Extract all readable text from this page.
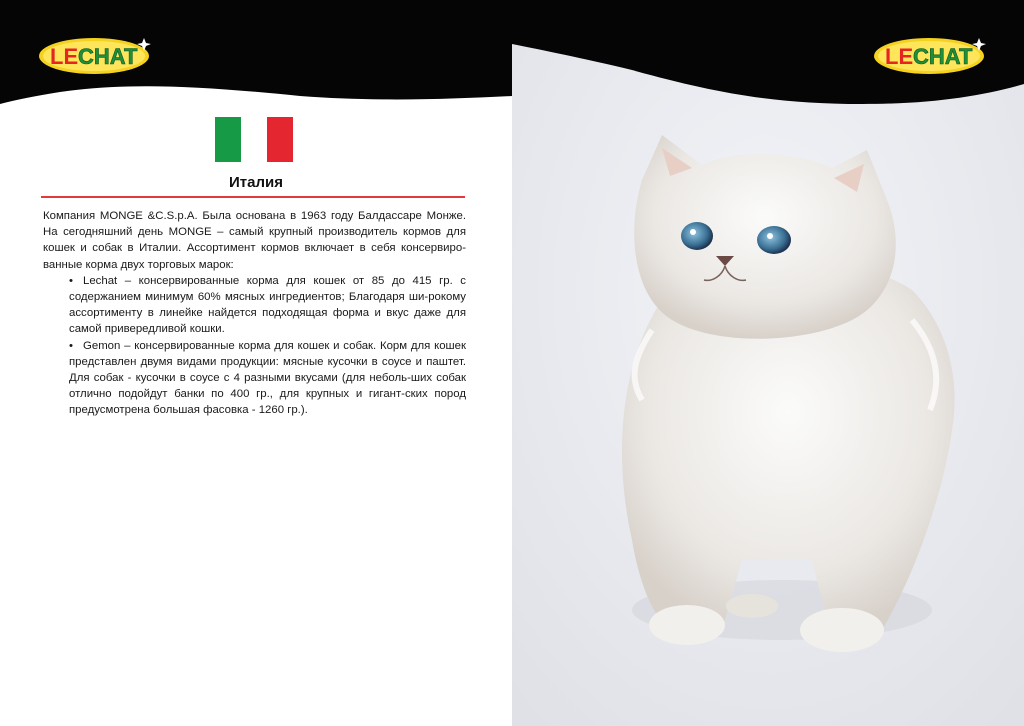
LE CHAT
Италия

Компания MONGE &C.S.p.A. Была основана в 1963 году Балдассаре Монже. На сегодняшний день MONGE – самый крупный производитель кормов для кошек и собак в Италии. Ассортимент кормов включает в себя консервиро-ванные корма двух торговых марок:

• Lechat – консервированные корма для кошек от 85 до 415 гр. с содержанием минимум 60% мясных ингредиентов; Благодаря ши-рокому ассортименту в линейке найдется подходящая форма и вкус даже для самой привередливой кошки.
• Gemon – консервированные корма для кошек и собак. Корм для кошек представлен двумя видами продукции: мясные кусочки в соусе и паштет. Для собак - кусочки в соусе с 4 разными вкусами (для неболь-ших собак отлично подойдут банки по 400 гр., для крупных и гигант-ских пород предусмотрена большая фасовка - 1260 гр.).
LE CHAT
